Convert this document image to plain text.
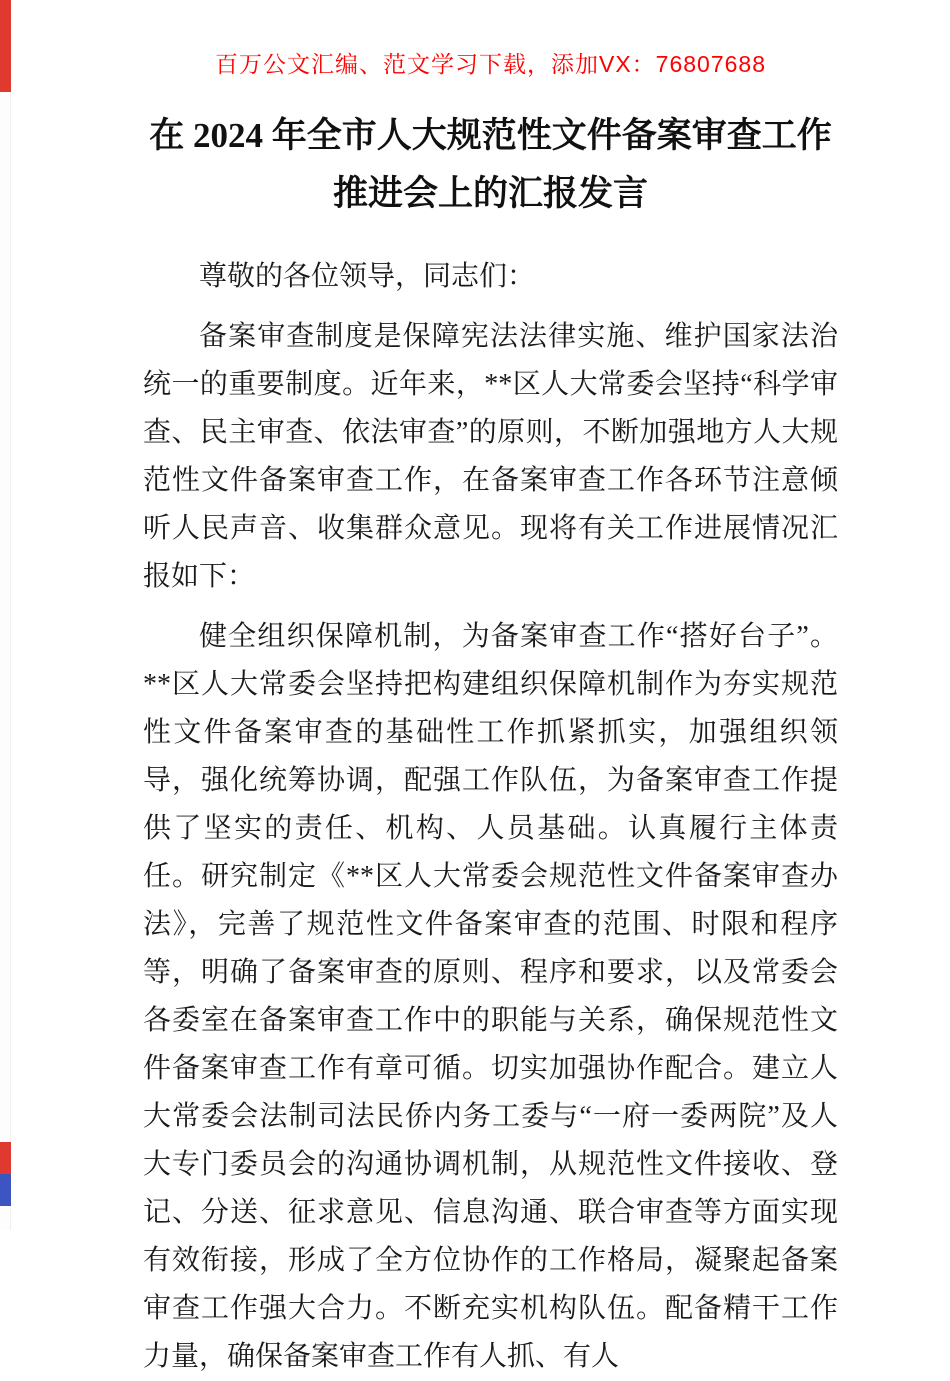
百万公文汇编、范文学习下载，添加VX：76807688
在 2024 年全市人大规范性文件备案审查工作推进会上的汇报发言

尊敬的各位领导，同志们：

备案审查制度是保障宪法法律实施、维护国家法治统一的重要制度。近年来，**区人大常委会坚持“科学审查、民主审查、依法审查”的原则，不断加强地方人大规范性文件备案审查工作，在备案审查工作各环节注意倾听人民声音、收集群众意见。现将有关工作进展情况汇报如下：

健全组织保障机制，为备案审查工作“搭好台子”。**区人大常委会坚持把构建组织保障机制作为夯实规范性文件备案审查的基础性工作抓紧抓实，加强组织领导，强化统筹协调，配强工作队伍，为备案审查工作提供了坚实的责任、机构、人员基础。认真履行主体责任。研究制定《**区人大常委会规范性文件备案审查办法》，完善了规范性文件备案审查的范围、时限和程序等，明确了备案审查的原则、程序和要求，以及常委会各委室在备案审查工作中的职能与关系，确保规范性文件备案审查工作有章可循。切实加强协作配合。建立人大常委会法制司法民侨内务工委与“一府一委两院”及人大专门委员会的沟通协调机制，从规范性文件接收、登记、分送、征求意见、信息沟通、联合审查等方面实现有效衔接，形成了全方位协作的工作格局，凝聚起备案审查工作强大合力。不断充实机构队伍。配备精干工作力量，确保备案审查工作有人抓、有人
